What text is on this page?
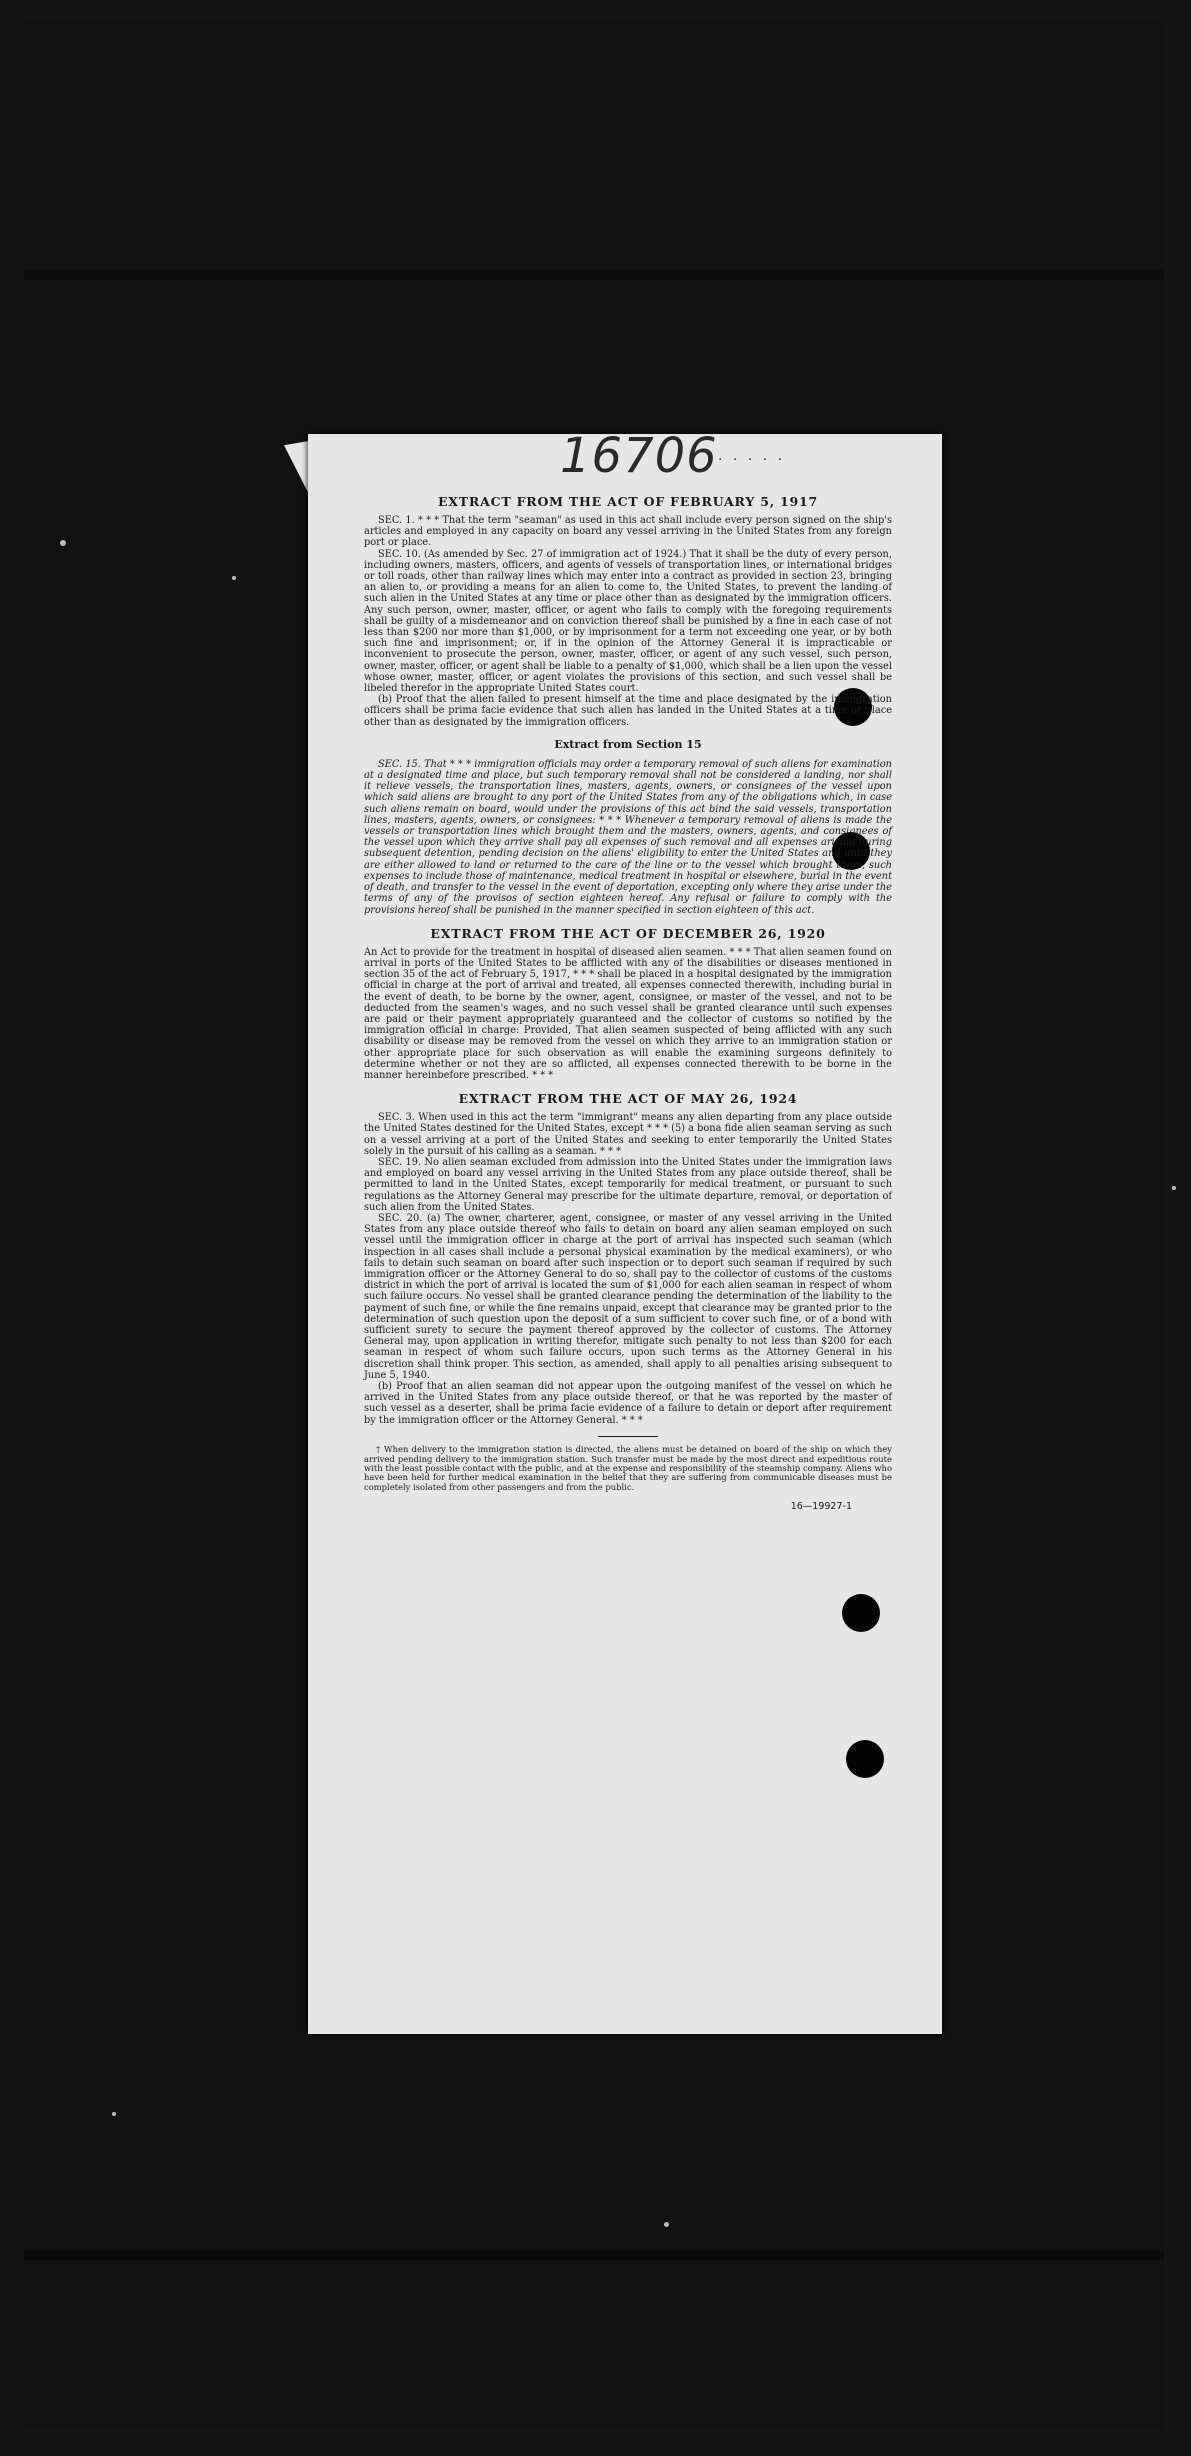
16706 · · · · ·
EXTRACT FROM THE ACT OF FEBRUARY 5, 1917

SEC. 1. * * * That the term "seaman" as used in this act shall include every person signed on the ship's articles and employed in any capacity on board any vessel arriving in the United States from any foreign port or place.

SEC. 10. (As amended by Sec. 27 of immigration act of 1924.) That it shall be the duty of every person, including owners, masters, officers, and agents of vessels of transportation lines, or international bridges or toll roads, other than railway lines which may enter into a contract as provided in section 23, bringing an alien to, or providing a means for an alien to come to, the United States, to prevent the landing of such alien in the United States at any time or place other than as designated by the immigration officers. Any such person, owner, master, officer, or agent who fails to comply with the foregoing requirements shall be guilty of a misdemeanor and on conviction thereof shall be punished by a fine in each case of not less than $200 nor more than $1,000, or by imprisonment for a term not exceeding one year, or by both such fine and imprisonment; or, if in the opinion of the Attorney General it is impracticable or inconvenient to prosecute the person, owner, master, officer, or agent of any such vessel, such person, owner, master, officer, or agent shall be liable to a penalty of $1,000, which shall be a lien upon the vessel whose owner, master, officer, or agent violates the provisions of this section, and such vessel shall be libeled therefor in the appropriate United States court.

(b) Proof that the alien failed to present himself at the time and place designated by the immigration officers shall be prima facie evidence that such alien has landed in the United States at a time or place other than as designated by the immigration officers.

Extract from Section 15

SEC. 15. That * * * immigration officials may order a temporary removal of such aliens for examination at a designated time and place, but such temporary removal shall not be considered a landing, nor shall it relieve vessels, the transportation lines, masters, agents, owners, or consignees of the vessel upon which said aliens are brought to any port of the United States from any of the obligations which, in case such aliens remain on board, would under the provisions of this act bind the said vessels, transportation lines, masters, agents, owners, or consignees: * * * Whenever a temporary removal of aliens is made the vessels or transportation lines which brought them and the masters, owners, agents, and consignees of the vessel upon which they arrive shall pay all expenses of such removal and all expenses arising during subsequent detention, pending decision on the aliens' eligibility to enter the United States and until they are either allowed to land or returned to the care of the line or to the vessel which brought them, such expenses to include those of maintenance, medical treatment in hospital or elsewhere, burial in the event of death, and transfer to the vessel in the event of deportation, excepting only where they arise under the terms of any of the provisos of section eighteen hereof. Any refusal or failure to comply with the provisions hereof shall be punished in the manner specified in section eighteen of this act.

EXTRACT FROM THE ACT OF DECEMBER 26, 1920

An Act to provide for the treatment in hospital of diseased alien seamen. * * * That alien seamen found on arrival in ports of the United States to be afflicted with any of the disabilities or diseases mentioned in section 35 of the act of February 5, 1917, * * * shall be placed in a hospital designated by the immigration official in charge at the port of arrival and treated, all expenses connected therewith, including burial in the event of death, to be borne by the owner, agent, consignee, or master of the vessel, and not to be deducted from the seamen's wages, and no such vessel shall be granted clearance until such expenses are paid or their payment appropriately guaranteed and the collector of customs so notified by the immigration official in charge: Provided, That alien seamen suspected of being afflicted with any such disability or disease may be removed from the vessel on which they arrive to an immigration station or other appropriate place for such observation as will enable the examining surgeons definitely to determine whether or not they are so afflicted, all expenses connected therewith to be borne in the manner hereinbefore prescribed. * * *

EXTRACT FROM THE ACT OF MAY 26, 1924

SEC. 3. When used in this act the term "immigrant" means any alien departing from any place outside the United States destined for the United States, except * * * (5) a bona fide alien seaman serving as such on a vessel arriving at a port of the United States and seeking to enter temporarily the United States solely in the pursuit of his calling as a seaman. * * *

SEC. 19. No alien seaman excluded from admission into the United States under the immigration laws and employed on board any vessel arriving in the United States from any place outside thereof, shall be permitted to land in the United States, except temporarily for medical treatment, or pursuant to such regulations as the Attorney General may prescribe for the ultimate departure, removal, or deportation of such alien from the United States.

SEC. 20. (a) The owner, charterer, agent, consignee, or master of any vessel arriving in the United States from any place outside thereof who fails to detain on board any alien seaman employed on such vessel until the immigration officer in charge at the port of arrival has inspected such seaman (which inspection in all cases shall include a personal physical examination by the medical examiners), or who fails to detain such seaman on board after such inspection or to deport such seaman if required by such immigration officer or the Attorney General to do so, shall pay to the collector of customs of the customs district in which the port of arrival is located the sum of $1,000 for each alien seaman in respect of whom such failure occurs. No vessel shall be granted clearance pending the determination of the liability to the payment of such fine, or while the fine remains unpaid, except that clearance may be granted prior to the determination of such question upon the deposit of a sum sufficient to cover such fine, or of a bond with sufficient surety to secure the payment thereof approved by the collector of customs. The Attorney General may, upon application in writing therefor, mitigate such penalty to not less than $200 for each seaman in respect of whom such failure occurs, upon such terms as the Attorney General in his discretion shall think proper. This section, as amended, shall apply to all penalties arising subsequent to June 5, 1940.

(b) Proof that an alien seaman did not appear upon the outgoing manifest of the vessel on which he arrived in the United States from any place outside thereof, or that he was reported by the master of such vessel as a deserter, shall be prima facie evidence of a failure to detain or deport after requirement by the immigration officer or the Attorney General. * * *

† When delivery to the immigration station is directed, the aliens must be detained on board of the ship on which they arrived pending delivery to the immigration station. Such transfer must be made by the most direct and expeditious route with the least possible contact with the public, and at the expense and responsibility of the steamship company. Aliens who have been held for further medical examination in the belief that they are suffering from communicable diseases must be completely isolated from other passengers and from the public.

16—19927-1
